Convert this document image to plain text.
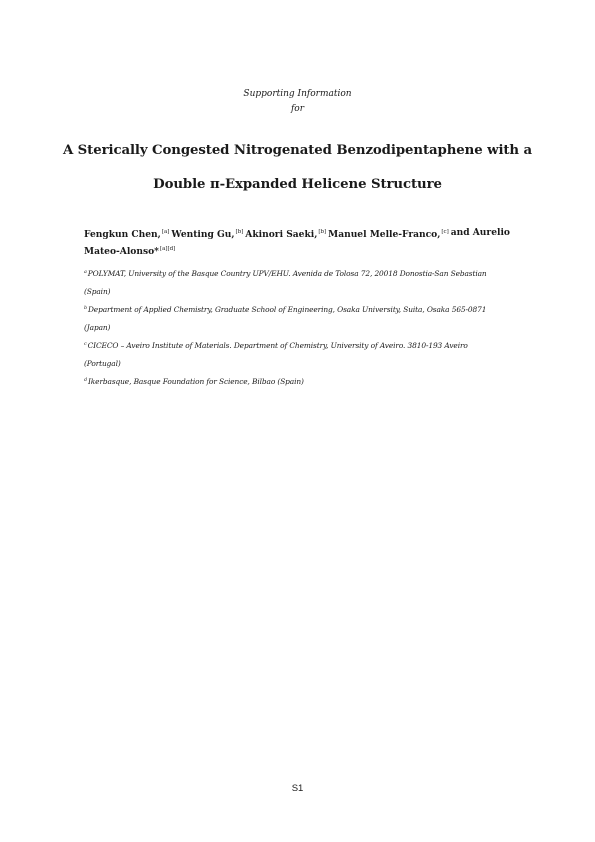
Supporting Information
for
A Sterically Congested Nitrogenated Benzodipentaphene with a
Double π-Expanded Helicene Structure
Fengkun Chen,[a] Wenting Gu,[b] Akinori Saeki,[b] Manuel Melle-Franco,[c] and Aurelio
Mateo-Alonso*[a][d]
$^a$POLYMAT, University of the Basque Country UPV/EHU. Avenida de Tolosa 72, 20018 Donostia-San Sebastian
(Spain)
$^b$Department of Applied Chemistry, Graduate School of Engineering, Osaka University, Suita, Osaka 565-0871
(Japan)
$^c$CICECO – Aveiro Institute of Materials. Department of Chemistry, University of Aveiro. 3810-193 Aveiro
(Portugal)
$^d$Ikerbasque, Basque Foundation for Science, Bilbao (Spain)
S1
